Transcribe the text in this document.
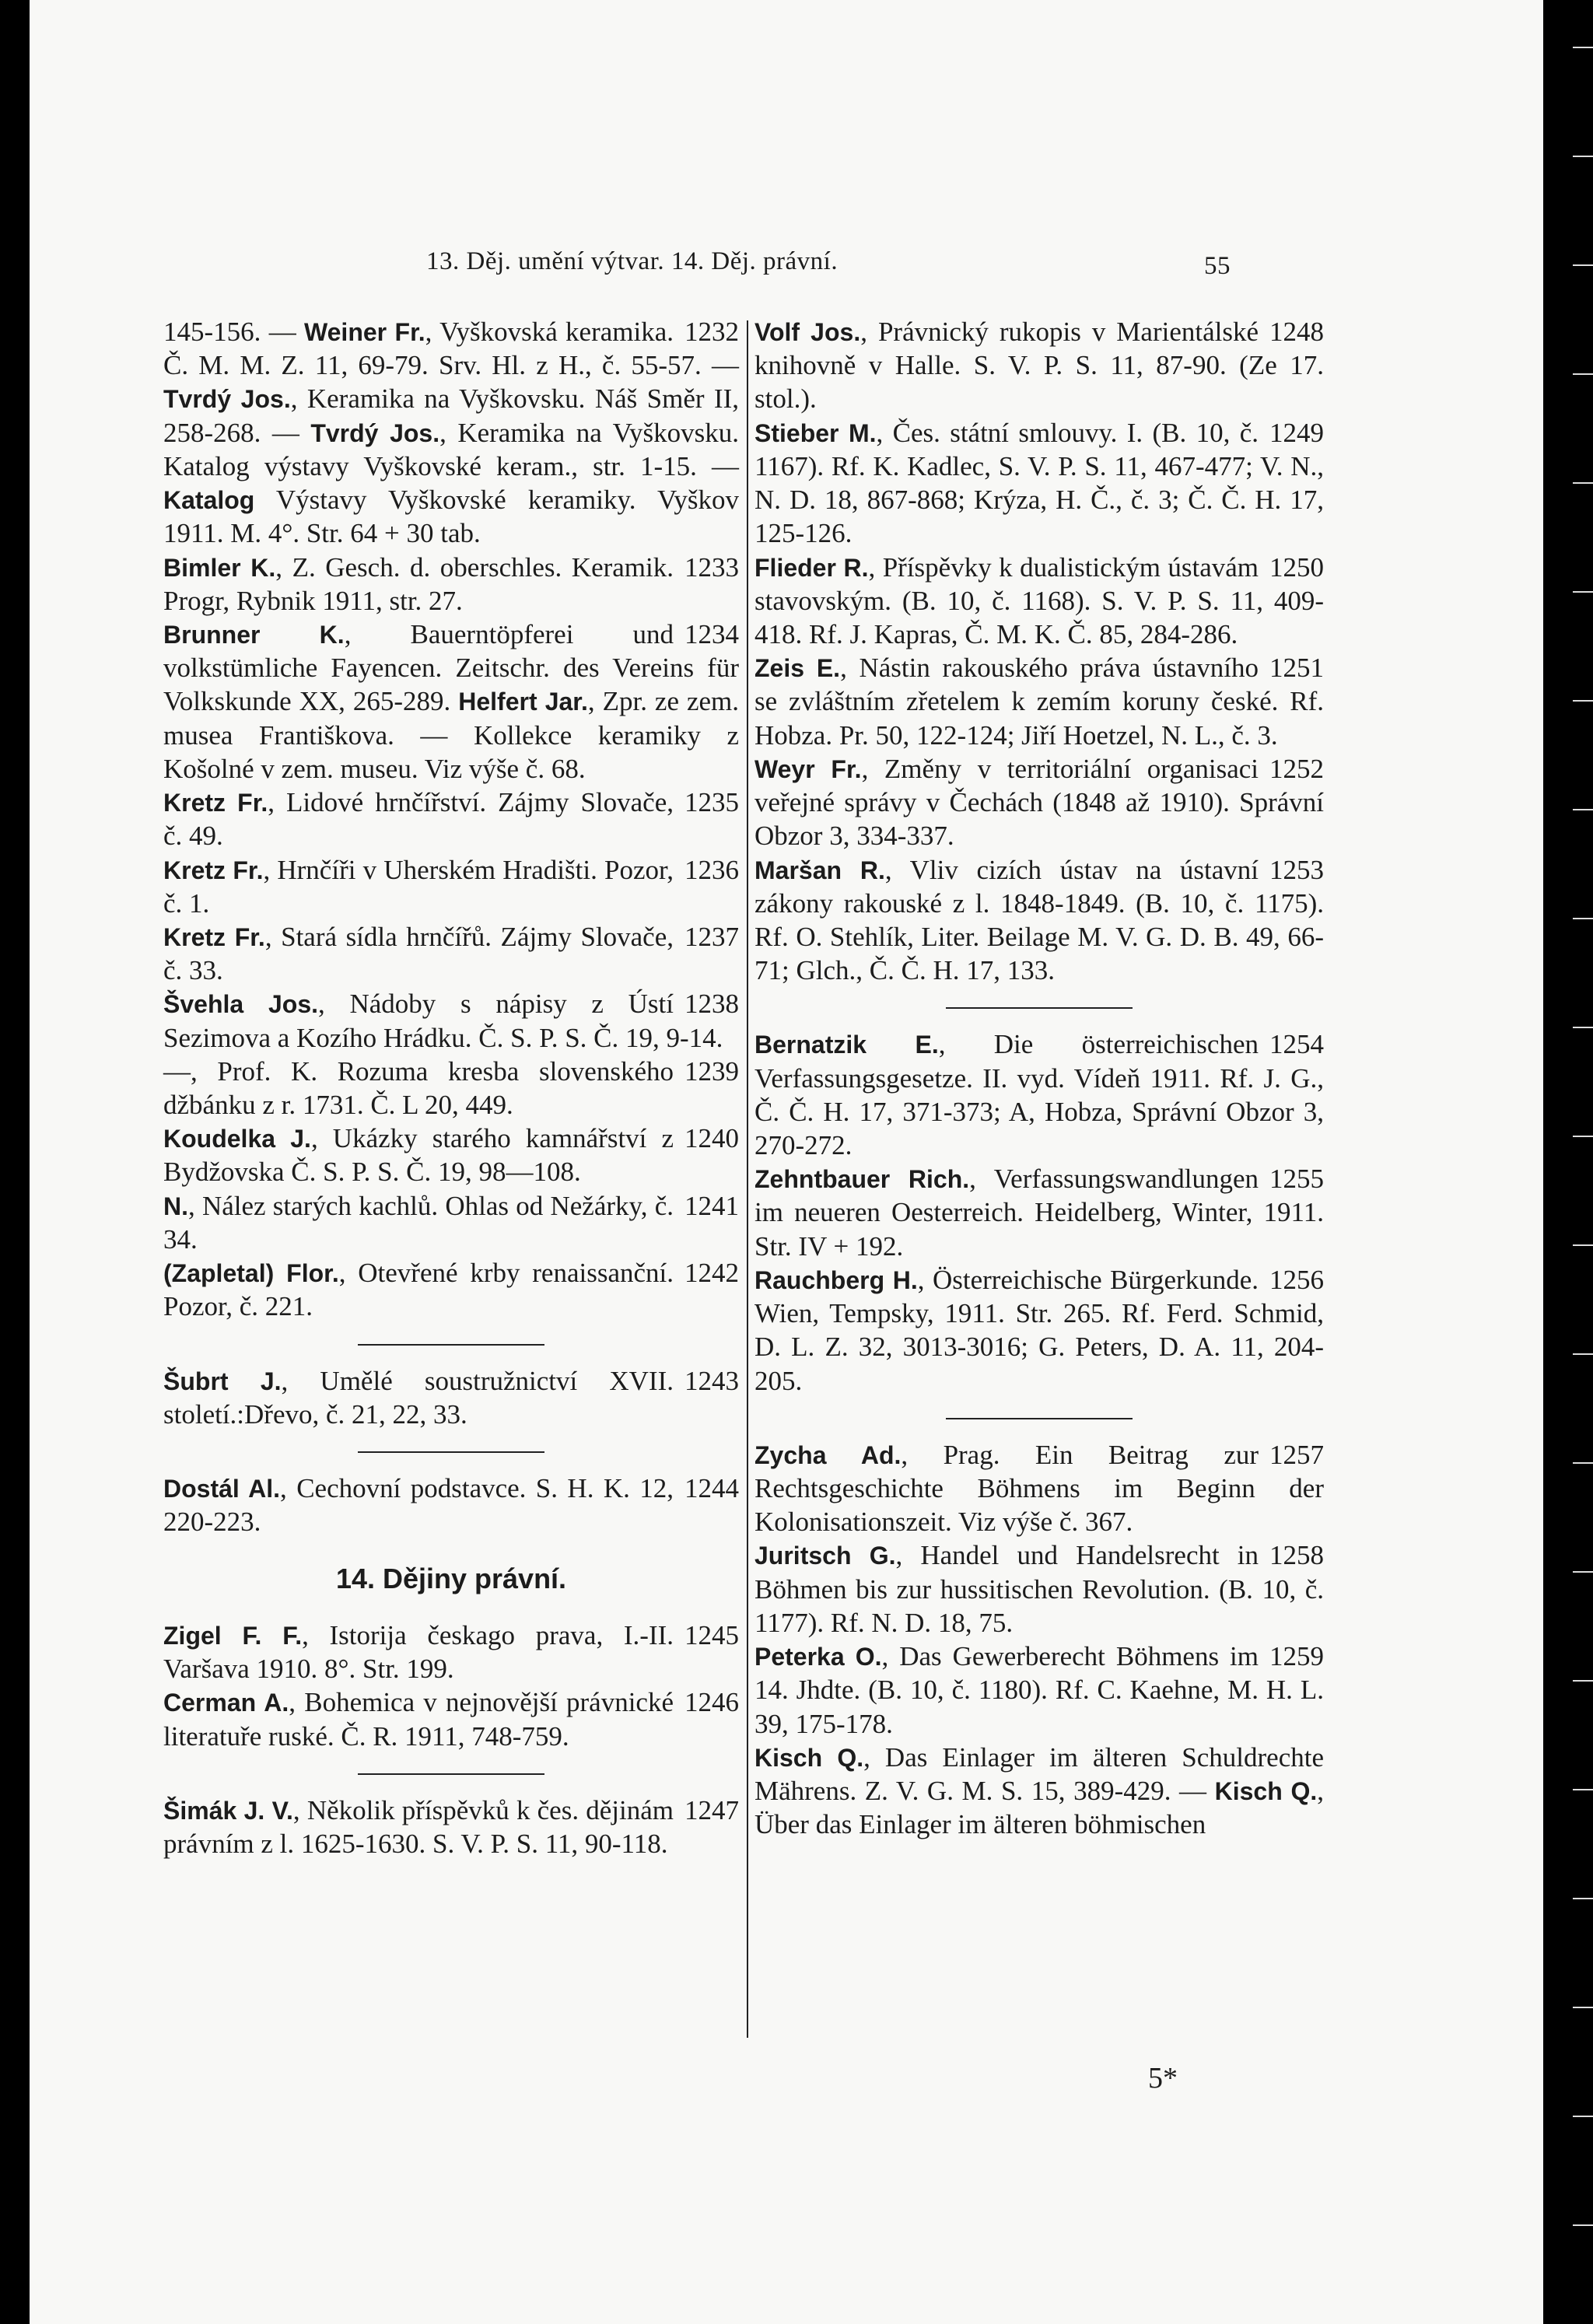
13. Děj. umění výtvar. 14. Děj. právní.	55

1232
145-156. — Weiner Fr., Vyškovská keramika. Č. M. M. Z. 11, 69-79. Srv. Hl. z H., č. 55-57. — Tvrdý Jos., Keramika na Vyškovsku. Náš Směr II, 258-268. — Tvrdý Jos., Keramika na Vyškovsku. Katalog výstavy Vyškovské keram., str. 1-15. — Katalog Výstavy Vyškovské keramiky. Vyškov 1911. M. 4°. Str. 64 + 30 tab.

1233
Bimler K., Z. Gesch. d. oberschles. Keramik. Progr, Rybnik 1911, str. 27.

1234
Brunner K., Bauerntöpferei und volkstümliche Fayencen. Zeitschr. des Vereins für Volkskunde XX, 265-289. Helfert Jar., Zpr. ze zem. musea Františkova. — Kollekce keramiky z Košolné v zem. museu. Viz výše č. 68.

1235
Kretz Fr., Lidové hrnčířství. Zájmy Slovače, č. 49.

1236
Kretz Fr., Hrnčíři v Uherském Hradišti. Pozor, č. 1.

1237
Kretz Fr., Stará sídla hrnčířů. Zájmy Slovače, č. 33.

1238
Švehla Jos., Nádoby s nápisy z Ústí Sezimova a Kozího Hrádku. Č. S. P. S. Č. 19, 9-14.

1239
—, Prof. K. Rozuma kresba slovenského džbánku z r. 1731. Č. L 20, 449.

1240
Koudelka J., Ukázky starého kamnářství z Bydžovska Č. S. P. S. Č. 19, 98—108.

1241
N., Nález starých kachlů. Ohlas od Nežárky, č. 34.

1242
(Zapletal) Flor., Otevřené krby renaissanční. Pozor, č. 221.

1243
Šubrt J., Umělé soustružnictví XVII. století.:Dřevo, č. 21, 22, 33.

1244
Dostál Al., Cechovní podstavce. S. H. K. 12, 220-223.

14. Dějiny právní.

1245
Zigel F. F., Istorija českago prava, I.-II. Varšava 1910. 8°. Str. 199.

1246
Cerman A., Bohemica v nejnovější právnické literatuře ruské. Č. R. 1911, 748-759.

1247
Šimák J. V., Několik příspěvků k čes. dějinám právním z l. 1625-1630. S. V. P. S. 11, 90-118.

1248
Volf Jos., Právnický rukopis v Marientálské knihovně v Halle. S. V. P. S. 11, 87-90. (Ze 17. stol.).

1249
Stieber M., Čes. státní smlouvy. I. (B. 10, č. 1167). Rf. K. Kadlec, S. V. P. S. 11, 467-477; V. N., N. D. 18, 867-868; Krýza, H. Č., č. 3; Č. Č. H. 17, 125-126.

1250
Flieder R., Příspěvky k dualistickým ústavám stavovským. (B. 10, č. 1168). S. V. P. S. 11, 409-418. Rf. J. Kapras, Č. M. K. Č. 85, 284-286.

1251
Zeis E., Nástin rakouského práva ústavního se zvláštním zřetelem k zemím koruny české. Rf. Hobza. Pr. 50, 122-124; Jiří Hoetzel, N. L., č. 3.

1252
Weyr Fr., Změny v territoriální organisaci veřejné správy v Čechách (1848 až 1910). Správní Obzor 3, 334-337.

1253
Maršan R., Vliv cizích ústav na ústavní zákony rakouské z l. 1848-1849. (B. 10, č. 1175). Rf. O. Stehlík, Liter. Beilage M. V. G. D. B. 49, 66-71; Glch., Č. Č. H. 17, 133.

1254
Bernatzik E., Die österreichischen Verfassungsgesetze. II. vyd. Vídeň 1911. Rf. J. G., Č. Č. H. 17, 371-373; A, Hobza, Správní Obzor 3, 270-272.

1255
Zehntbauer Rich., Verfassungswandlungen im neueren Oesterreich. Heidelberg, Winter, 1911. Str. IV + 192.

1256
Rauchberg H., Österreichische Bürgerkunde. Wien, Tempsky, 1911. Str. 265. Rf. Ferd. Schmid, D. L. Z. 32, 3013-3016; G. Peters, D. A. 11, 204-205.

1257
Zycha Ad., Prag. Ein Beitrag zur Rechtsgeschichte Böhmens im Beginn der Kolonisationszeit. Viz výše č. 367.

1258
Juritsch G., Handel und Handelsrecht in Böhmen bis zur hussitischen Revolution. (B. 10, č. 1177). Rf. N. D. 18, 75.

1259
Peterka O., Das Gewerberecht Böhmens im 14. Jhdte. (B. 10, č. 1180). Rf. C. Kaehne, M. H. L. 39, 175-178.

Kisch Q., Das Einlager im älteren Schuldrechte Mährens. Z. V. G. M. S. 15, 389-429. — Kisch Q., Über das Einlager im älteren böhmischen

5*
